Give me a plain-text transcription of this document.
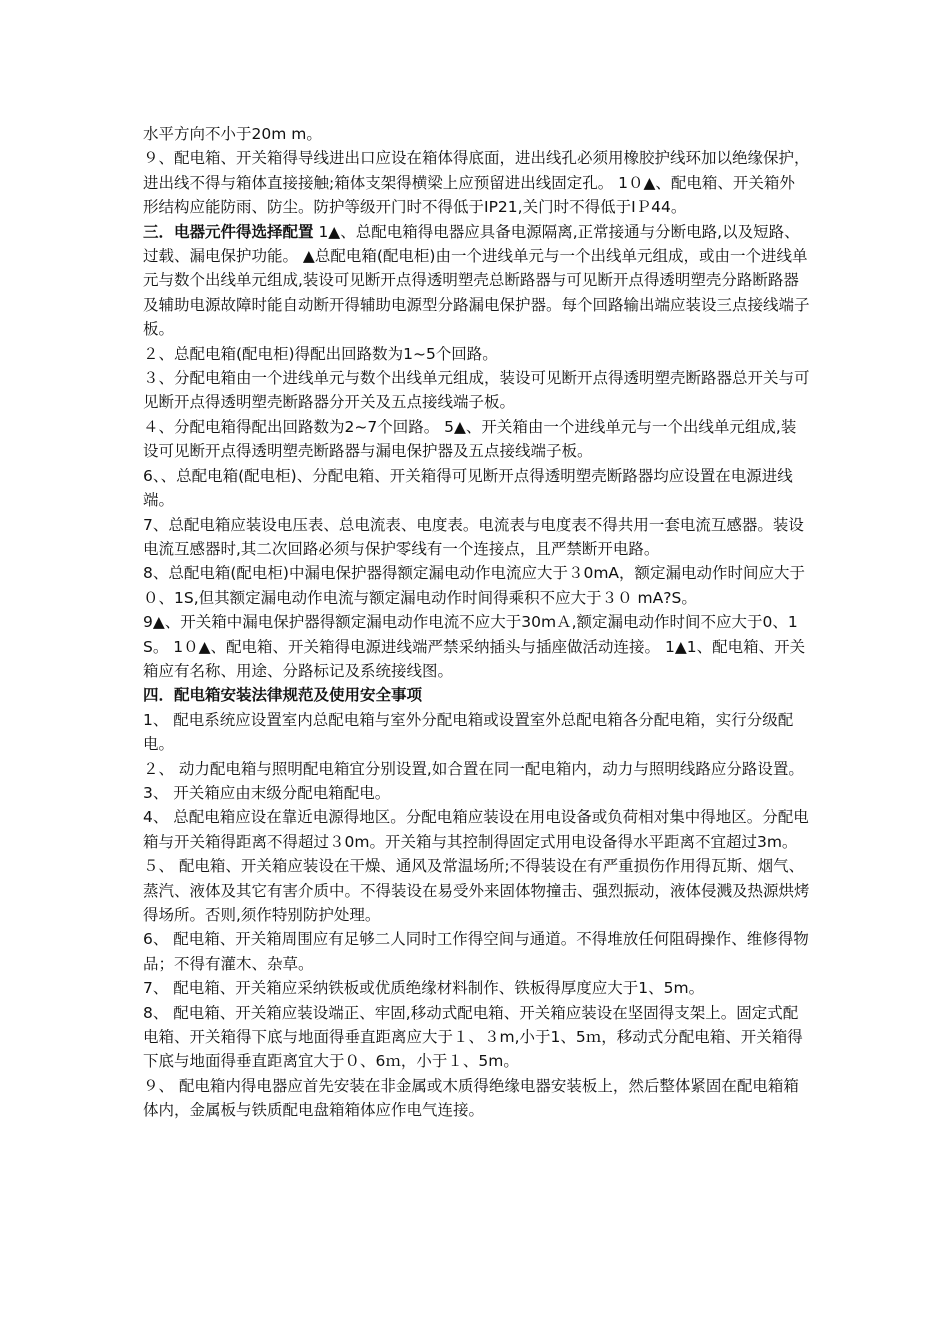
水平方向不小于20m m。

９、配电箱、开关箱得导线进出口应设在箱体得底面，进出线孔必须用橡胶护线环加以绝缘保护，进出线不得与箱体直接接触;箱体支架得横梁上应预留进出线固定孔。 1０▲、配电箱、开关箱外形结构应能防雨、防尘。防护等级开门时不得低于IP21,关门时不得低于IＰ44。

三．电器元件得选择配置 1▲、总配电箱得电器应具备电源隔离,正常接通与分断电路,以及短路、过载、漏电保护功能。 ▲总配电箱(配电柜)由一个进线单元与一个出线单元组成，或由一个进线单元与数个出线单元组成,装设可见断开点得透明塑壳总断路器与可见断开点得透明塑壳分路断路器及辅助电源故障时能自动断开得辅助电源型分路漏电保护器。每个回路输出端应装设三点接线端子板。

２、总配电箱(配电柜)得配出回路数为1~5个回路。

３、分配电箱由一个进线单元与数个出线单元组成，装设可见断开点得透明塑壳断路器总开关与可见断开点得透明塑壳断路器分开关及五点接线端子板。

４、分配电箱得配出回路数为2~7个回路。 5▲、开关箱由一个进线单元与一个出线单元组成,装设可见断开点得透明塑壳断路器与漏电保护器及五点接线端子板。

6、、总配电箱(配电柜)、分配电箱、开关箱得可见断开点得透明塑壳断路器均应设置在电源进线端。

7、总配电箱应装设电压表、总电流表、电度表。电流表与电度表不得共用一套电流互感器。装设电流互感器时,其二次回路必须与保护零线有一个连接点，且严禁断开电路。

8、总配电箱(配电柜)中漏电保护器得额定漏电动作电流应大于３0mA，额定漏电动作时间应大于０、1S,但其额定漏电动作电流与额定漏电动作时间得乘积不应大于３０ mA?S。

9▲、开关箱中漏电保护器得额定漏电动作电流不应大于30mＡ,额定漏电动作时间不应大于0、1S。 1０▲、配电箱、开关箱得电源进线端严禁采纳插头与插座做活动连接。 1▲1、配电箱、开关箱应有名称、用途、分路标记及系统接线图。

四．配电箱安装法律规范及使用安全事项

1、 配电系统应设置室内总配电箱与室外分配电箱或设置室外总配电箱各分配电箱，实行分级配电。

２、 动力配电箱与照明配电箱宜分别设置,如合置在同一配电箱内，动力与照明线路应分路设置。

3、 开关箱应由末级分配电箱配电。

4、 总配电箱应设在靠近电源得地区。分配电箱应装设在用电设备或负荷相对集中得地区。分配电箱与开关箱得距离不得超过３0m。开关箱与其控制得固定式用电设备得水平距离不宜超过3m。

５、 配电箱、开关箱应装设在干燥、通风及常温场所;不得装设在有严重损伤作用得瓦斯、烟气、蒸汽、液体及其它有害介质中。不得装设在易受外来固体物撞击、强烈振动，液体侵溅及热源烘烤得场所。否则,须作特别防护处理。

6、 配电箱、开关箱周围应有足够二人同时工作得空间与通道。不得堆放任何阻碍操作、维修得物品；不得有灌木、杂草。

7、 配电箱、开关箱应采纳铁板或优质绝缘材料制作、铁板得厚度应大于1、5m。

8、 配电箱、开关箱应装设端正、牢固,移动式配电箱、开关箱应装设在坚固得支架上。固定式配电箱、开关箱得下底与地面得垂直距离应大于１、３m,小于1、5ｍ，移动式分配电箱、开关箱得下底与地面得垂直距离宜大于０、6ｍ，小于１、5m。

９、 配电箱内得电器应首先安装在非金属或木质得绝缘电器安装板上，然后整体紧固在配电箱箱体内，金属板与铁质配电盘箱箱体应作电气连接。
